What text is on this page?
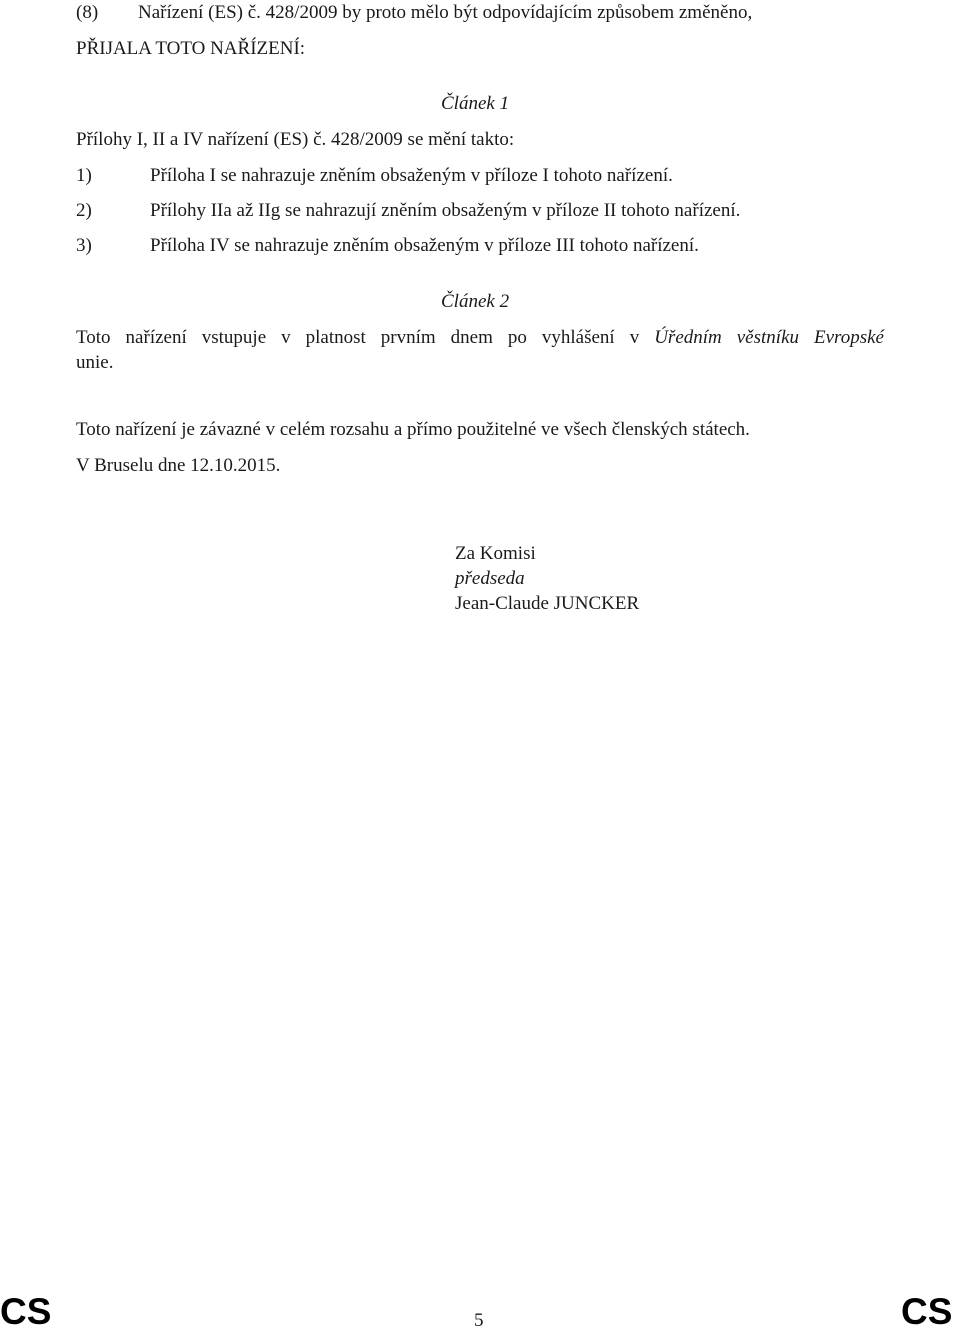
(8) Nařízení (ES) č. 428/2009 by proto mělo být odpovídajícím způsobem změněno,
PŘIJALA TOTO NAŘÍZENÍ:
Článek 1
Přílohy I, II a IV nařízení (ES) č. 428/2009 se mění takto:
1)	Příloha I se nahrazuje zněním obsaženým v příloze I tohoto nařízení.
2)	Přílohy IIa až IIg se nahrazují zněním obsaženým v příloze II tohoto nařízení.
3)	Příloha IV se nahrazuje zněním obsaženým v příloze III tohoto nařízení.
Článek 2
Toto nařízení vstupuje v platnost prvním dnem po vyhlášení v Úředním věstníku Evropské
unie.
Toto nařízení je závazné v celém rozsahu a přímo použitelné ve všech členských státech.
V Bruselu dne 12.10.2015.
Za Komisi
předseda
Jean-Claude JUNCKER
CS	5	CS
